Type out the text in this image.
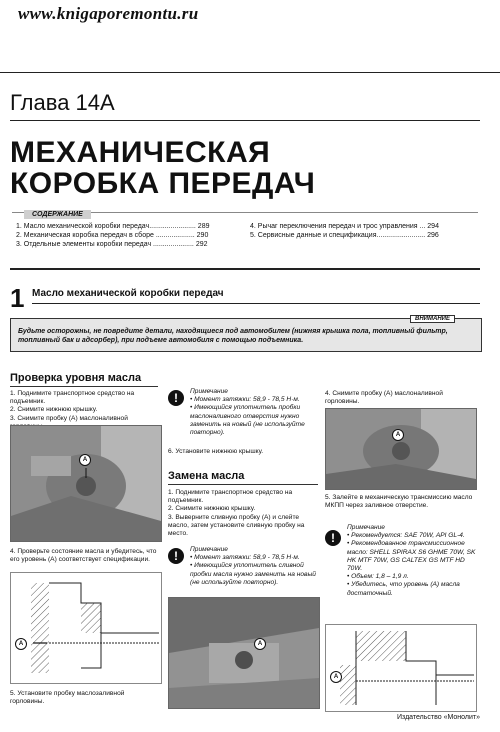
www.knigaporemontu.ru
Глава 14А
МЕХАНИЧЕСКАЯ
КОРОБКА ПЕРЕДАЧ
СОДЕРЖАНИЕ
1. Масло механической коробки передач........................ 289
2. Механическая коробка передач в сборе .................... 290
3. Отдельные элементы коробки передач ..................... 292
4. Рычаг переключения передач и трос управления ... 294
5. Сервисные данные и спецификация......................... 296
1 Масло механической коробки передач
ВНИМАНИЕ
Будьте осторожны, не повредите детали, находящиеся под автомобилем (нижняя крышка пола, топливный фильтр, топливный бак и адсорбер), при подъеме автомобиля с помощью подъемника.
Проверка уровня масла
1. Поднимите транспортное средство на подъемник.
2. Снимите нижнюю крышку.
3. Снимите пробку (А) маслоналивной
A
4. Проверьте состояние масла и убедитесь, что его уровень (А) соответствует спецификации.
A
5. Установите пробку маслозаливной горловины.
!	Примечание
• Момент затяжки: 58,9 - 78,5 Н·м.
• Имеющийся уплотнитель пробки маслоналивного отверстия нужно заменить на новый (не используйте повторно).
6. Установите нижнюю крышку.
Замена масла
1. Поднимите транспортное средство на подъемник.
2. Снимите нижнюю крышку.
3. Выверните сливную пробку (А) и слейте масло, затем установите сливную пробку на место.
!	Примечание
• Момент затяжки: 58,9 - 78,5 Н·м.
• Имеющийся уплотнитель сливной пробки масла нужно заменить на новый (не используйте повторно).
A
4. Снимите пробку (А) маслоналивной горловины.
A
5. Залейте в механическую трансмиссию масло МКПП через заливное отверстие.
!
Примечание
• Рекомендуется: SAE 70W, API GL-4.
• Рекомендованное трансмиссионное масло: SHELL SPIRAX S6 GHME 70W, SK HK MTF 70W, GS CALTEX GS MTF HD 70W.
• Объем: 1,8 – 1,9 л.
• Убедитесь, что уровень (А) масла достаточный.
A
Издательство «Монолит»
